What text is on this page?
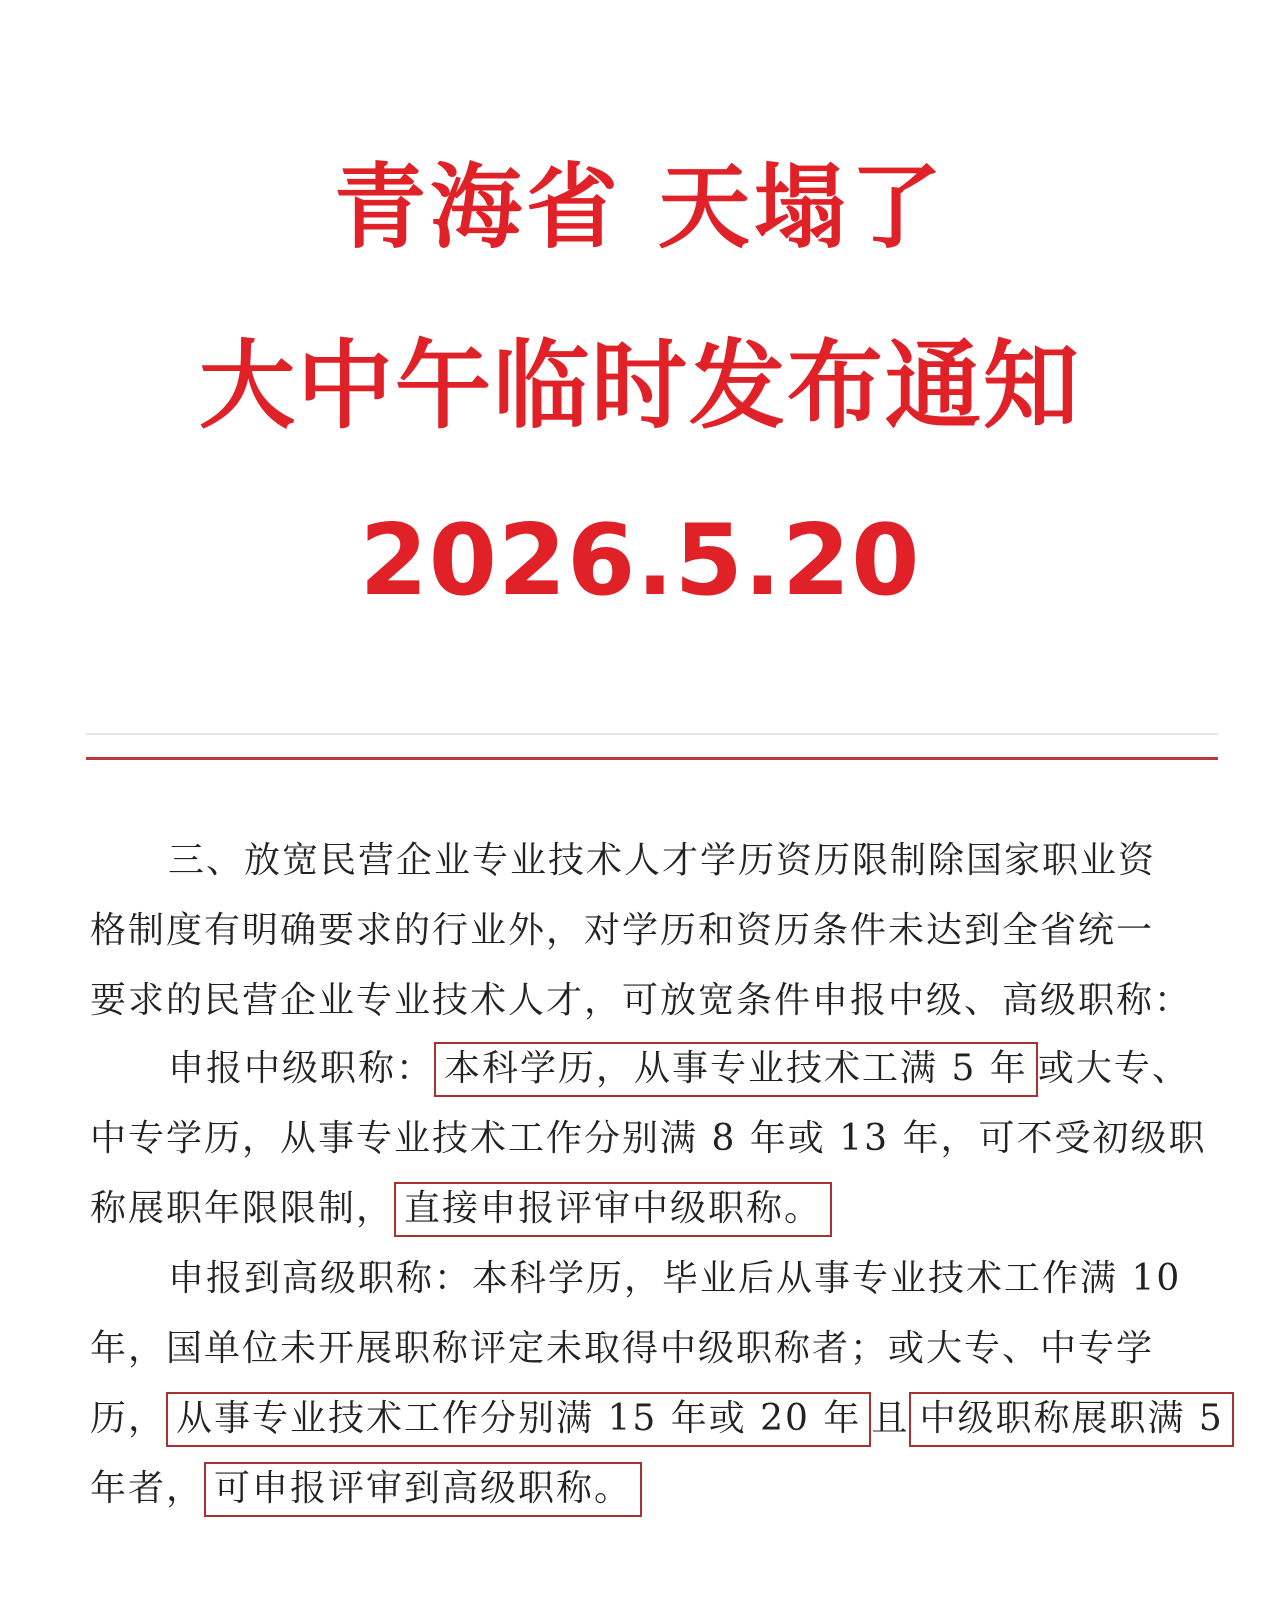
青海省 天塌了
大中午临时发布通知
2026.5.20
三、放宽民营企业专业技术人才学历资历限制除国家职业资
格制度有明确要求的行业外，对学历和资历条件未达到全省统一
要求的民营企业专业技术人才，可放宽条件申报中级、高级职称：
申报中级职称： 本科学历，从事专业技术工满 5 年 或大专、
中专学历，从事专业技术工作分别满 8 年或 13 年，可不受初级职
称展职年限限制， 直接申报评审中级职称。
申报到高级职称：本科学历，毕业后从事专业技术工作满 10
年，国单位未开展职称评定未取得中级职称者；或大专、中专学
历， 从事专业技术工作分别满 15 年或 20 年 且 中级职称展职满 5
年者， 可申报评审到高级职称。
